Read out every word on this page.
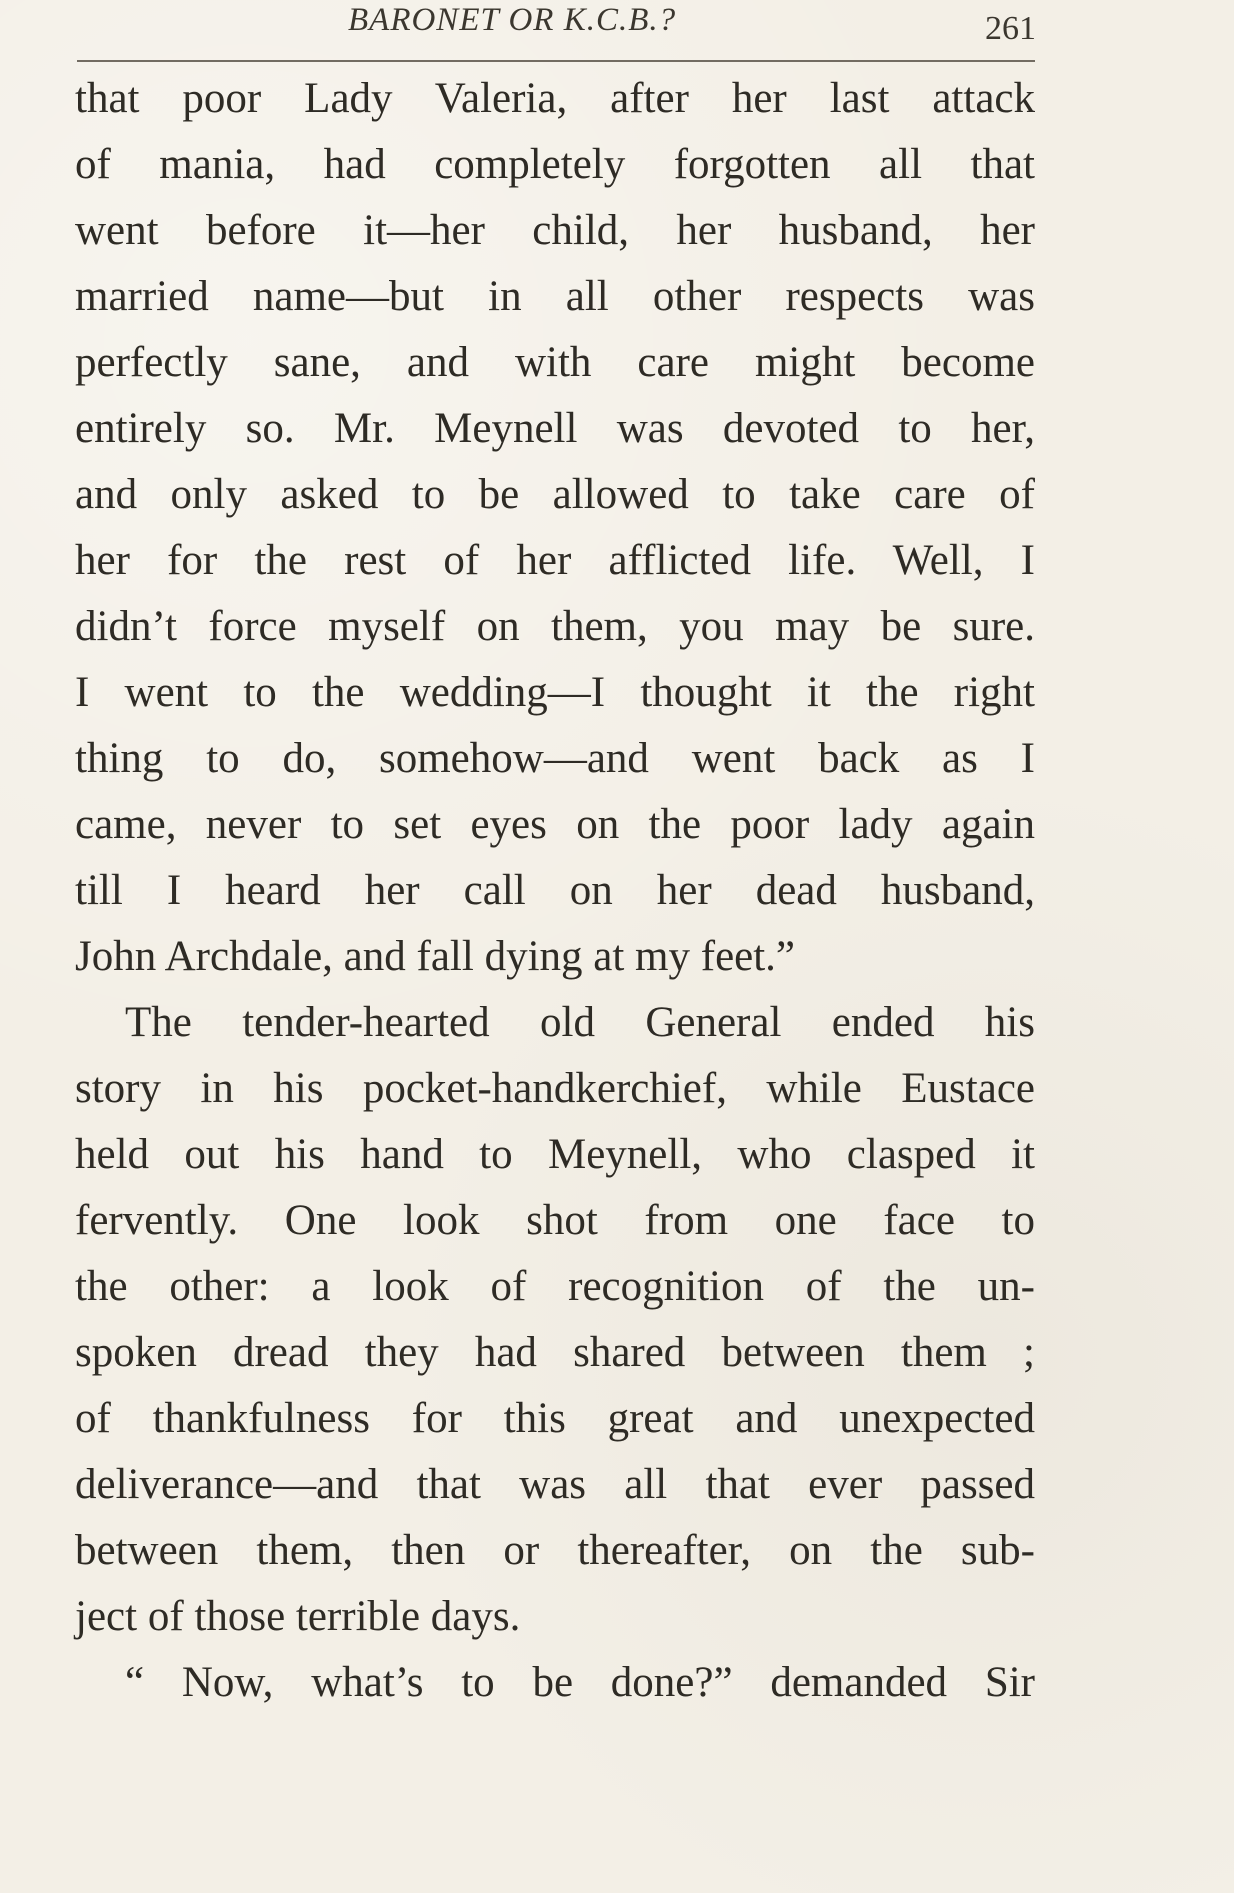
BARONET OR K.C.B.?	261
that poor Lady Valeria, after her last attack
of mania, had completely forgotten all that
went before it—her child, her husband, her
married name—but in all other respects was
perfectly sane, and with care might become
entirely so. Mr. Meynell was devoted to her,
and only asked to be allowed to take care of
her for the rest of her afflicted life. Well, I
didn’t force myself on them, you may be sure.
I went to the wedding—I thought it the right
thing to do, somehow—and went back as I
came, never to set eyes on the poor lady again
till I heard her call on her dead husband,
John Archdale, and fall dying at my feet.”
The tender-hearted old General ended his
story in his pocket-handkerchief, while Eustace
held out his hand to Meynell, who clasped it
fervently. One look shot from one face to
the other: a look of recognition of the un-
spoken dread they had shared between them ;
of thankfulness for this great and unexpected
deliverance—and that was all that ever passed
between them, then or thereafter, on the sub-
ject of those terrible days.
“ Now, what’s to be done?” demanded Sir
